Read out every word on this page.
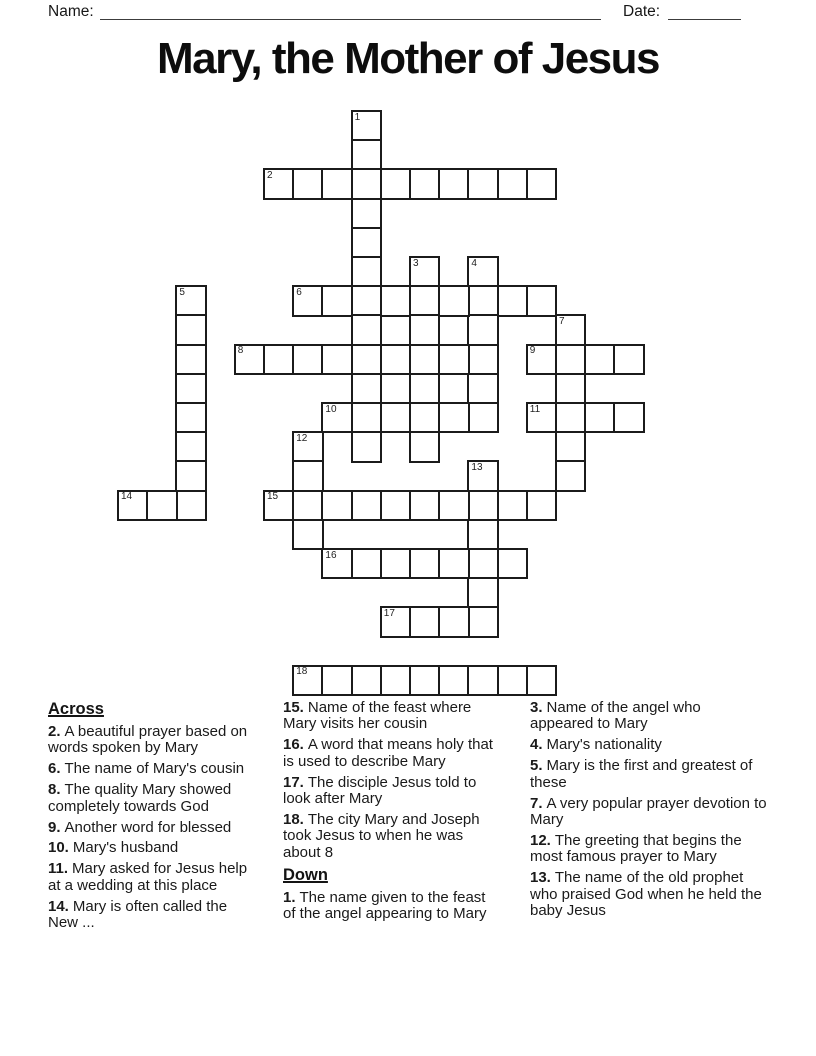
Name:	Date:
Mary, the Mother of Jesus
1
2
3	4
5	6
7
8	9
10	11
12
13
14	15
16
17
18
Across
2. A beautiful prayer based on words spoken by Mary
6. The name of Mary's cousin
8. The quality Mary showed completely towards God
9. Another word for blessed
10. Mary's husband
11. Mary asked for Jesus help at a wedding at this place
14. Mary is often called the New ...
15. Name of the feast where Mary visits her cousin
16. A word that means holy that is used to describe Mary
17. The disciple Jesus told to look after Mary
18. The city Mary and Joseph took Jesus to when he was about 8
Down
1. The name given to the feast of the angel appearing to Mary
3. Name of the angel who appeared to Mary
4. Mary's nationality
5. Mary is the first and greatest of these
7. A very popular prayer devotion to Mary
12. The greeting that begins the most famous prayer to Mary
13. The name of the old prophet who praised God when he held the baby Jesus
